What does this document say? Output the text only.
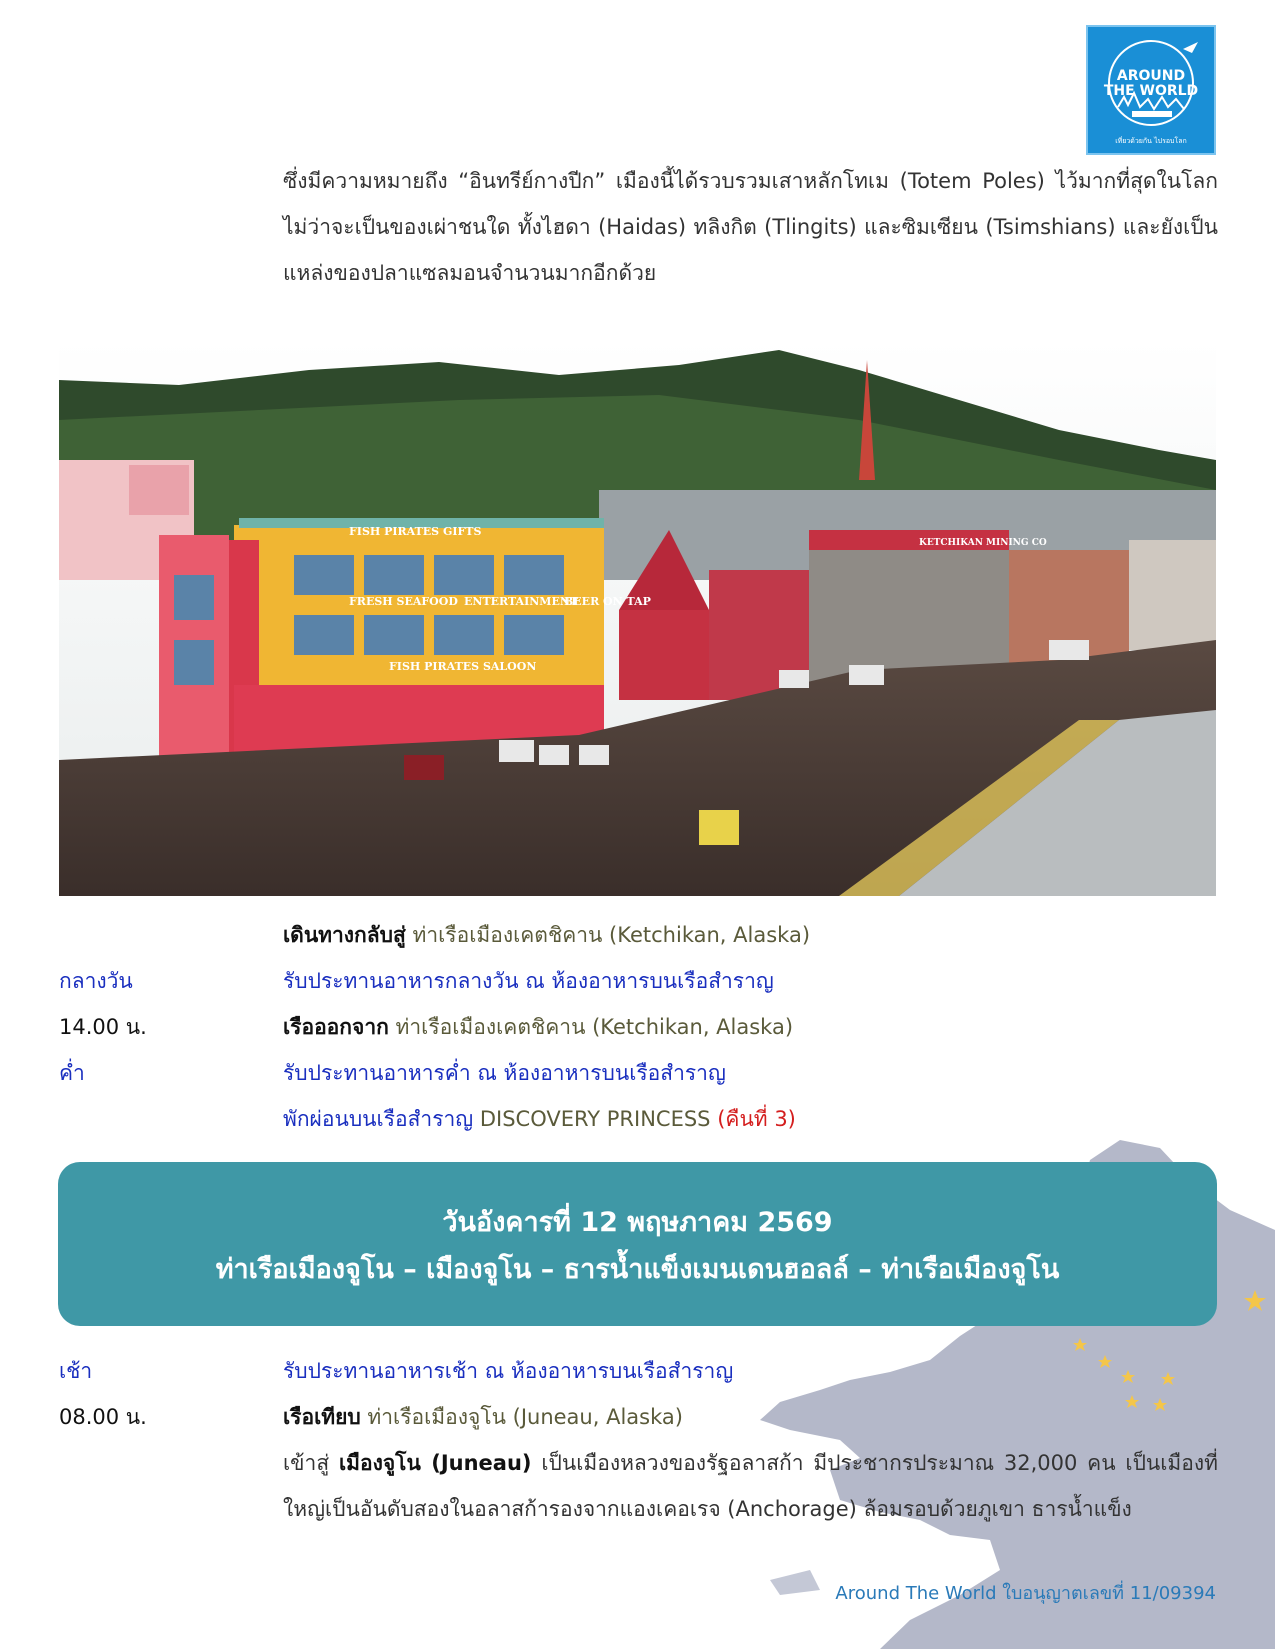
AROUND
THE WORLD
เที่ยวด้วยกัน ไปรอบโลก
ซึ่งมีความหมายถึง “อินทรีย์กางปีก” เมืองนี้ได้รวบรวมเสาหลักโทเม (Totem Poles) ไว้มากที่สุดในโลก ไม่ว่าจะเป็นของเผ่าชนใด ทั้งไฮดา (Haidas) ทลิงกิต (Tlingits) และซิมเซียน (Tsimshians) และยังเป็นแหล่งของปลาแซลมอนจำนวนมากอีกด้วย
FISH PIRATES GIFTS
FRESH SEAFOOD ENTERTAINMENT
BEER ON TAP
FISH PIRATES SALOON
KETCHIKAN MINING CO
เดินทางกลับสู่ ท่าเรือเมืองเคตชิคาน (Ketchikan, Alaska)
กลางวัน	รับประทานอาหารกลางวัน ณ ห้องอาหารบนเรือสำราญ
14.00 น.	เรือออกจาก ท่าเรือเมืองเคตชิคาน (Ketchikan, Alaska)
ค่ำ	รับประทานอาหารค่ำ ณ ห้องอาหารบนเรือสำราญ
พักผ่อนบนเรือสำราญ DISCOVERY PRINCESS (คืนที่ 3)
วันอังคารที่ 12 พฤษภาคม 2569
ท่าเรือเมืองจูโน – เมืองจูโน – ธารน้ำแข็งเมนเดนฮอลล์ – ท่าเรือเมืองจูโน
เช้า	รับประทานอาหารเช้า ณ ห้องอาหารบนเรือสำราญ
08.00 น.	เรือเทียบ ท่าเรือเมืองจูโน (Juneau, Alaska)
เข้าสู่ เมืองจูโน (Juneau) เป็นเมืองหลวงของรัฐอลาสก้า มีประชากรประมาณ 32,000 คน เป็นเมืองที่ใหญ่เป็นอันดับสองในอลาสก้ารองจากแองเคอเรจ (Anchorage) ล้อมรอบด้วยภูเขา ธารน้ำแข็ง
Around The World ใบอนุญาตเลขที่ 11/09394
